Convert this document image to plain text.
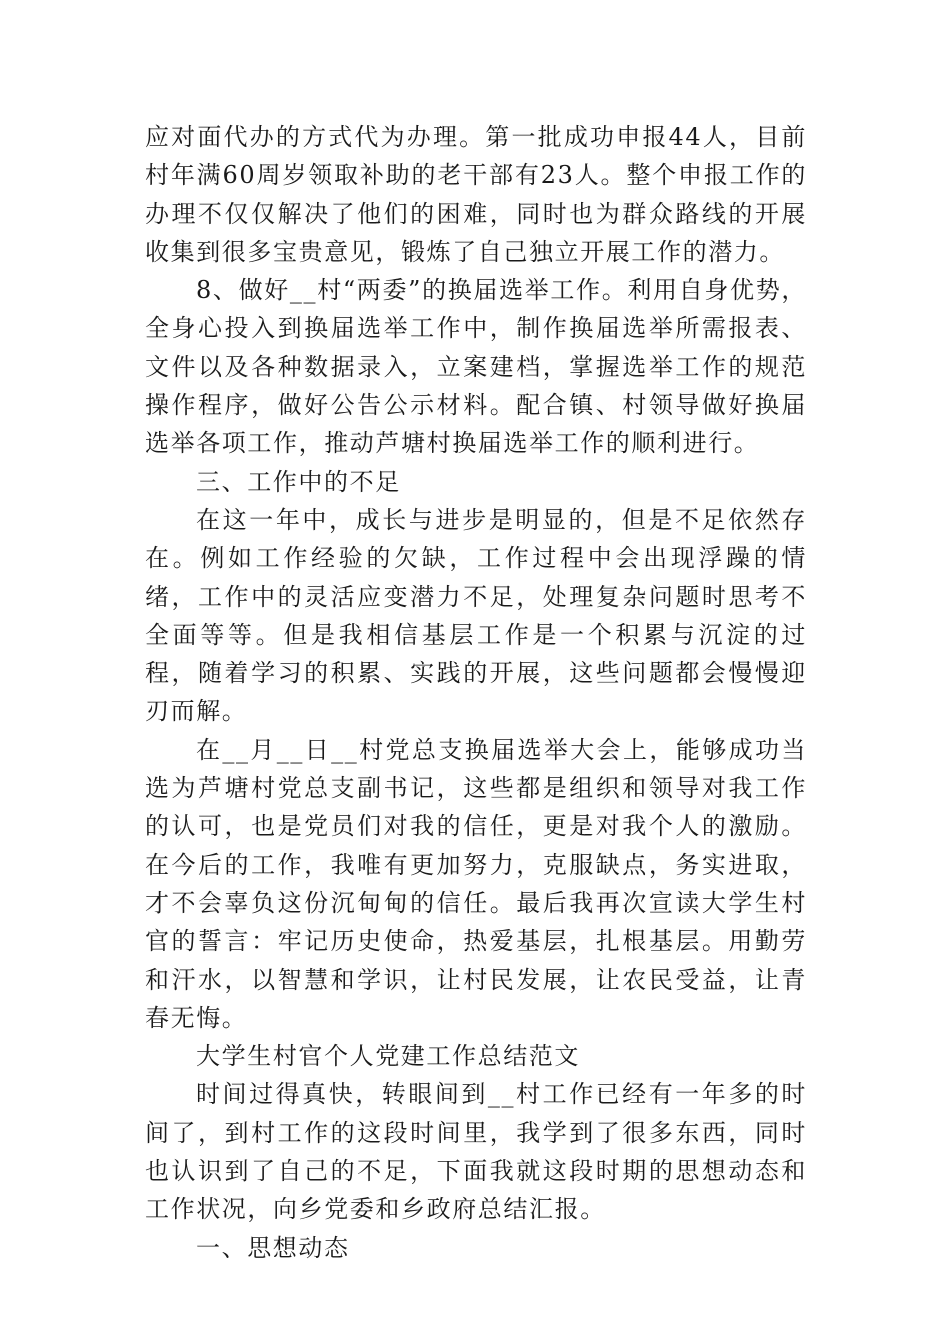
应对面代办的方式代为办理。第一批成功申报44人，目前村年满60周岁领取补助的老干部有23人。整个申报工作的办理不仅仅解决了他们的困难，同时也为群众路线的开展收集到很多宝贵意见，锻炼了自己独立开展工作的潜力。

8、做好__村“两委”的换届选举工作。利用自身优势，全身心投入到换届选举工作中，制作换届选举所需报表、文件以及各种数据录入，立案建档，掌握选举工作的规范操作程序，做好公告公示材料。配合镇、村领导做好换届选举各项工作，推动芦塘村换届选举工作的顺利进行。

三、工作中的不足

在这一年中，成长与进步是明显的，但是不足依然存在。例如工作经验的欠缺，工作过程中会出现浮躁的情绪，工作中的灵活应变潜力不足，处理复杂问题时思考不全面等等。但是我相信基层工作是一个积累与沉淀的过程，随着学习的积累、实践的开展，这些问题都会慢慢迎刃而解。

在__月__日__村党总支换届选举大会上，能够成功当选为芦塘村党总支副书记，这些都是组织和领导对我工作的认可，也是党员们对我的信任，更是对我个人的激励。在今后的工作，我唯有更加努力，克服缺点，务实进取，才不会辜负这份沉甸甸的信任。最后我再次宣读大学生村官的誓言：牢记历史使命，热爱基层，扎根基层。用勤劳和汗水，以智慧和学识，让村民发展，让农民受益，让青春无悔。

大学生村官个人党建工作总结范文

时间过得真快，转眼间到__村工作已经有一年多的时间了，到村工作的这段时间里，我学到了很多东西，同时也认识到了自己的不足，下面我就这段时期的思想动态和工作状况，向乡党委和乡政府总结汇报。

一、思想动态
